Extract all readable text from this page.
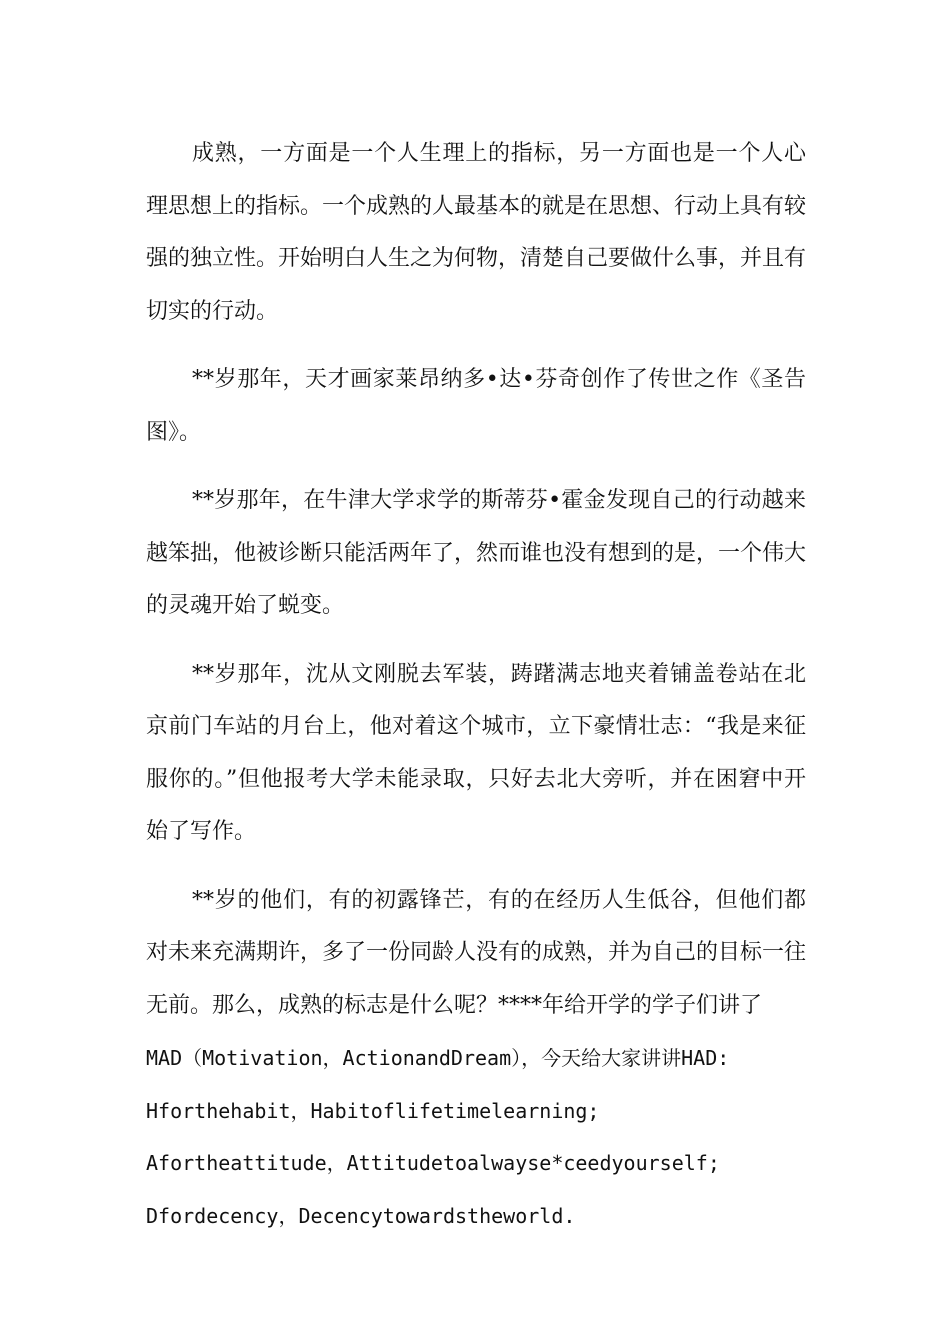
成熟，一方面是一个人生理上的指标，另一方面也是一个人心理思想上的指标。一个成熟的人最基本的就是在思想、行动上具有较强的独立性。开始明白人生之为何物，清楚自己要做什么事，并且有切实的行动。

**岁那年，天才画家莱昂纳多•达•芬奇创作了传世之作《圣告图》。

**岁那年，在牛津大学求学的斯蒂芬•霍金发现自己的行动越来越笨拙，他被诊断只能活两年了，然而谁也没有想到的是，一个伟大的灵魂开始了蜕变。

**岁那年，沈从文刚脱去军装，踌躇满志地夹着铺盖卷站在北京前门车站的月台上，他对着这个城市，立下豪情壮志：“我是来征服你的。”但他报考大学未能录取，只好去北大旁听，并在困窘中开始了写作。

**岁的他们，有的初露锋芒，有的在经历人生低谷，但他们都对未来充满期许，多了一份同龄人没有的成熟，并为自己的目标一往无前。那么，成熟的标志是什么呢？****年给开学的学子们讲了

MAD（Motivation，ActionandDream），今天给大家讲讲HAD:

Hforthehabit，Habitoflifetimelearning;

Afortheattitude，Attitudetoalwayse*ceedyourself;

Dfordecency，Decencytowardstheworld.
